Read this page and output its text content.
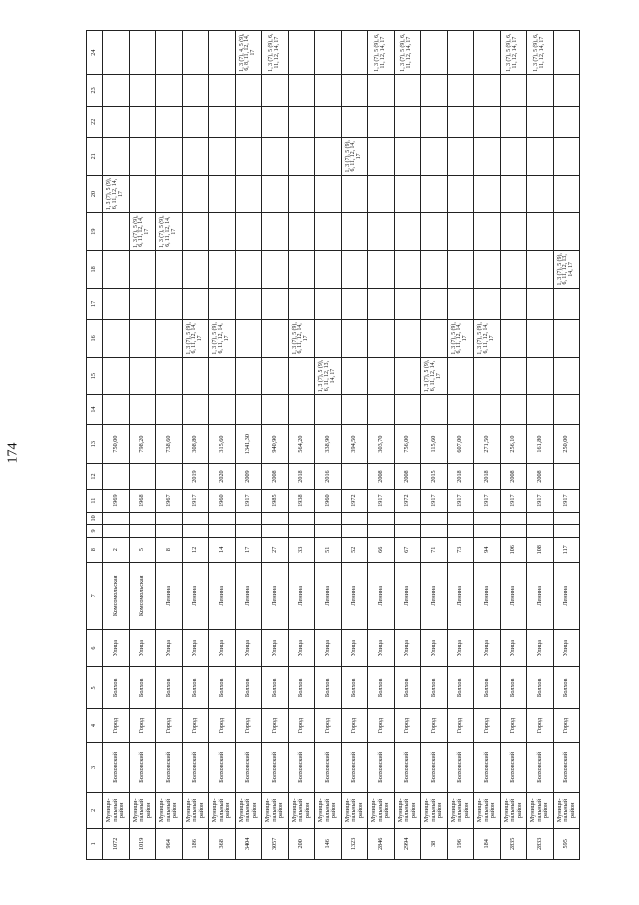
174
1	2	3	4	5	6	7	8	9	10	11	12	13	14	15	16	17	18	19	20	21	22	23	24
1072	Муници-пальный район	Болховский	Город	Болхов	Улица	Комсомольская	2			1969		750,00							1, 3 (7), 5 (9), 6, 11, 12, 14, 17				
1019	Муници-пальный район	Болховский	Город	Болхов	Улица	Комсомольская	5			1968		798,20						1, 3 (7), 5 (9), 6, 11, 12, 14, 17					
964	Муници-пальный район	Болховский	Город	Болхов	Улица	Ленина	8			1967		738,60						1, 3 (7), 5 (9), 6, 11, 12, 14, 17					
186	Муници-пальный район	Болховский	Город	Болхов	Улица	Ленина	12			1917	2019	308,80			1, 3 (7), 5 (9), 6, 11, 12, 14, 17								
368	Муници-пальный район	Болховский	Город	Болхов	Улица	Ленина	14			1960	2020	315,60			1, 3 (7), 5 (9), 6, 11, 12, 14, 17								
3404	Муници-пальный район	Болховский	Город	Болхов	Улица	Ленина	17			1917	2009	1341,30											1, 3 (7), 4, 5 (9), 6, 8, 11, 12, 14, 17
3057	Муници-пальный район	Болховский	Город	Болхов	Улица	Ленина	27			1985	2008	940,90											1, 3 (7), 5 (9), 6, 11, 12, 14, 17
200	Муници-пальный район	Болховский	Город	Болхов	Улица	Ленина	33			1938	2018	564,20			1, 3 (7), 5 (9), 6, 11, 12, 14, 17								
146	Муници-пальный район	Болховский	Город	Болхов	Улица	Ленина	51			1960	2016	338,90		1, 3 (7), 5 (9), 6, 11, 12, 13, 14, 17									
1323	Муници-пальный район	Болховский	Город	Болхов	Улица	Ленина	52			1972		394,50								1, 3 (7), 5 (9), 6, 11, 12, 14, 17			
2846	Муници-пальный район	Болховский	Город	Болхов	Улица	Ленина	66			1917	2008	303,70											1, 3 (7), 5 (9), 6, 11, 12, 14, 17
2994	Муници-пальный район	Болховский	Город	Болхов	Улица	Ленина	67			1972	2008	756,00											1, 3 (7), 5 (9), 6, 11, 12, 14, 17
38	Муници-пальный район	Болховский	Город	Болхов	Улица	Ленина	71			1917	2015	115,60		1, 3 (7), 5 (9), 6, 11, 12, 14, 17									
196	Муници-пальный район	Болховский	Город	Болхов	Улица	Ленина	73			1917	2018	607,00			1, 3 (7), 5 (9), 6, 11, 12, 14, 17								
184	Муници-пальный район	Болховский	Город	Болхов	Улица	Ленина	94			1917	2018	271,50			1, 3 (7), 5 (9), 6, 11, 12, 14, 17								
2835	Муници-пальный район	Болховский	Город	Болхов	Улица	Ленина	106			1917	2008	256,10											1, 3 (7), 5 (9), 6, 11, 12, 14, 17
2833	Муници-пальный район	Болховский	Город	Болхов	Улица	Ленина	108			1917	2008	161,80											1, 3 (7), 5 (9), 6, 11, 12, 14, 17
595	Муници-пальный район	Болховский	Город	Болхов	Улица	Ленина	117			1917		250,00					1, 3 (7), 5 (9), 6, 11, 12, 13, 14, 17						
